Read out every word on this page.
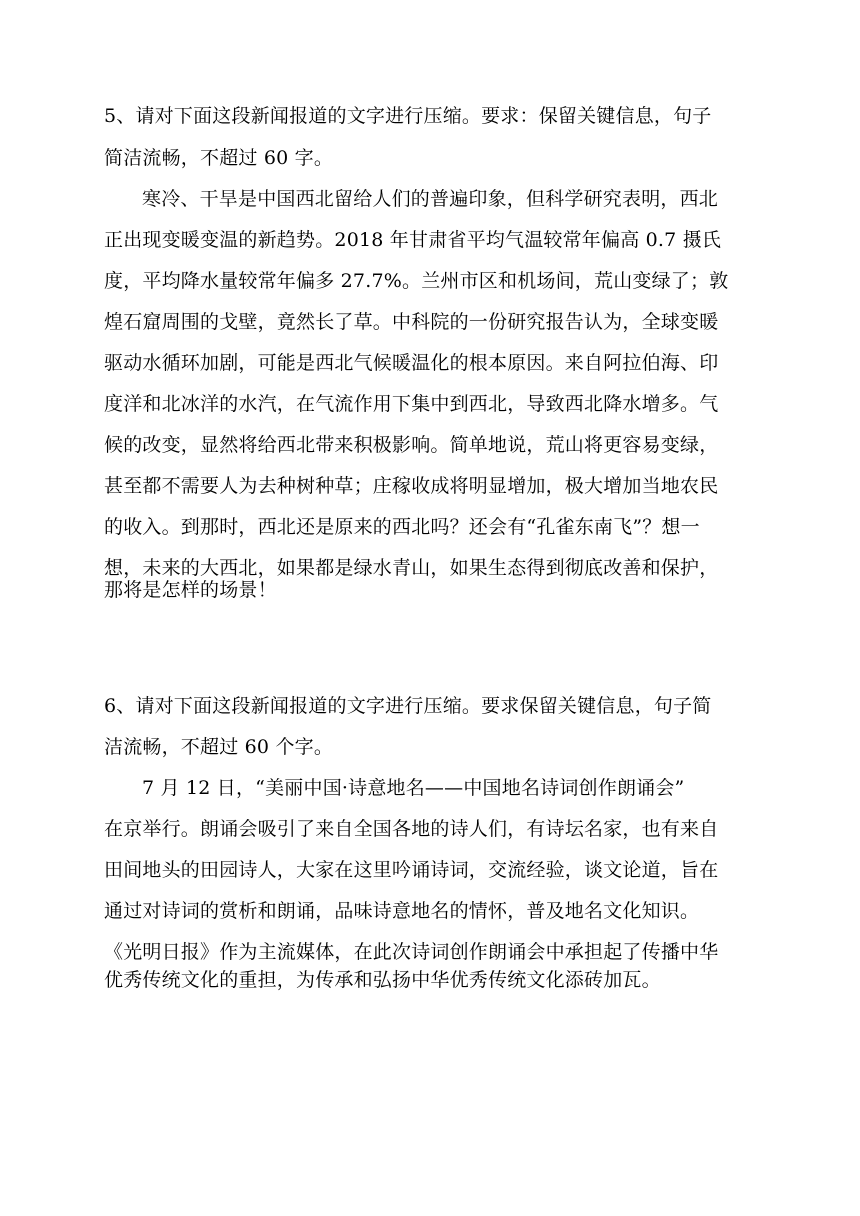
5、请对下面这段新闻报道的文字进行压缩。要求：保留关键信息，句子
简洁流畅，不超过 60 字。
寒冷、干旱是中国西北留给人们的普遍印象，但科学研究表明，西北
正出现变暖变温的新趋势。2018 年甘肃省平均气温较常年偏高 0.7 摄氏
度，平均降水量较常年偏多 27.7%。兰州市区和机场间，荒山变绿了；敦
煌石窟周围的戈壁，竟然长了草。中科院的一份研究报告认为，全球变暖
驱动水循环加剧，可能是西北气候暖温化的根本原因。来自阿拉伯海、印
度洋和北冰洋的水汽，在气流作用下集中到西北，导致西北降水增多。气
候的改变，显然将给西北带来积极影响。简单地说，荒山将更容易变绿，
甚至都不需要人为去种树种草；庄稼收成将明显增加，极大增加当地农民
的收入。到那时，西北还是原来的西北吗？还会有“孔雀东南飞”？想一
想，未来的大西北，如果都是绿水青山，如果生态得到彻底改善和保护，
那将是怎样的场景！
6、请对下面这段新闻报道的文字进行压缩。要求保留关键信息，句子简
洁流畅，不超过 60 个字。
7 月 12 日，“美丽中国·诗意地名——中国地名诗词创作朗诵会”
在京举行。朗诵会吸引了来自全国各地的诗人们，有诗坛名家，也有来自
田间地头的田园诗人，大家在这里吟诵诗词，交流经验，谈文论道，旨在
通过对诗词的赏析和朗诵，品味诗意地名的情怀，普及地名文化知识。
《光明日报》作为主流媒体，在此次诗词创作朗诵会中承担起了传播中华
优秀传统文化的重担，为传承和弘扬中华优秀传统文化添砖加瓦。
